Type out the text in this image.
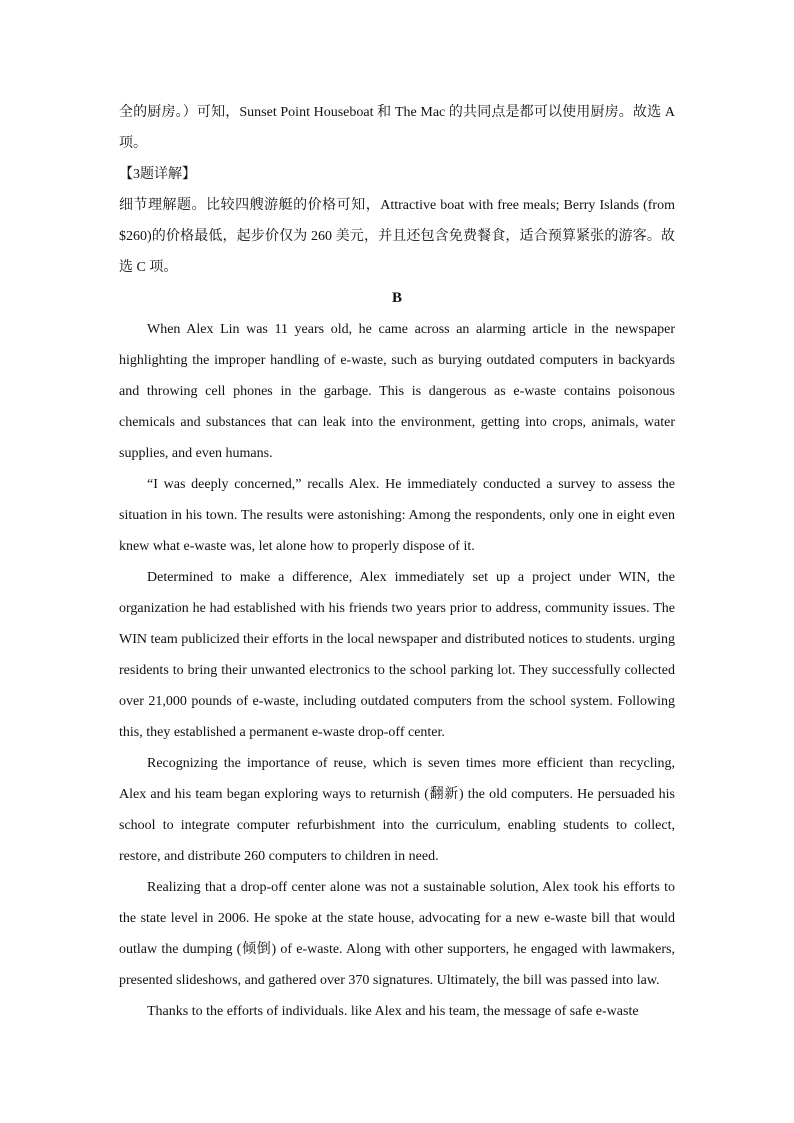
全的厨房。）可知，Sunset Point Houseboat 和 The Mac 的共同点是都可以使用厨房。故选 A 项。

【3题详解】

细节理解题。比较四艘游艇的价格可知，Attractive boat with free meals; Berry Islands (from $260)的价格最低，起步价仅为 260 美元，并且还包含免费餐食，适合预算紧张的游客。故选 C 项。

B

When Alex Lin was 11 years old, he came across an alarming article in the newspaper highlighting the improper handling of e-waste, such as burying outdated computers in backyards and throwing cell phones in the garbage. This is dangerous as e-waste contains poisonous chemicals and substances that can leak into the environment, getting into crops, animals, water supplies, and even humans.

“I was deeply concerned,” recalls Alex. He immediately conducted a survey to assess the situation in his town. The results were astonishing: Among the respondents, only one in eight even knew what e-waste was, let alone how to properly dispose of it.

Determined to make a difference, Alex immediately set up a project under WIN, the organization he had established with his friends two years prior to address, community issues. The WIN team publicized their efforts in the local newspaper and distributed notices to students. urging residents to bring their unwanted electronics to the school parking lot. They successfully collected over 21,000 pounds of e-waste, including outdated computers from the school system. Following this, they established a permanent e-waste drop-off center.

Recognizing the importance of reuse, which is seven times more efficient than recycling, Alex and his team began exploring ways to returnish (翻新) the old computers. He persuaded his school to integrate computer refurbishment into the curriculum, enabling students to collect, restore, and distribute 260 computers to children in need.

Realizing that a drop-off center alone was not a sustainable solution, Alex took his efforts to the state level in 2006. He spoke at the state house, advocating for a new e-waste bill that would outlaw the dumping (倾倒) of e-waste. Along with other supporters, he engaged with lawmakers, presented slideshows, and gathered over 370 signatures. Ultimately, the bill was passed into law.

Thanks to the efforts of individuals. like Alex and his team, the message of safe e-waste
